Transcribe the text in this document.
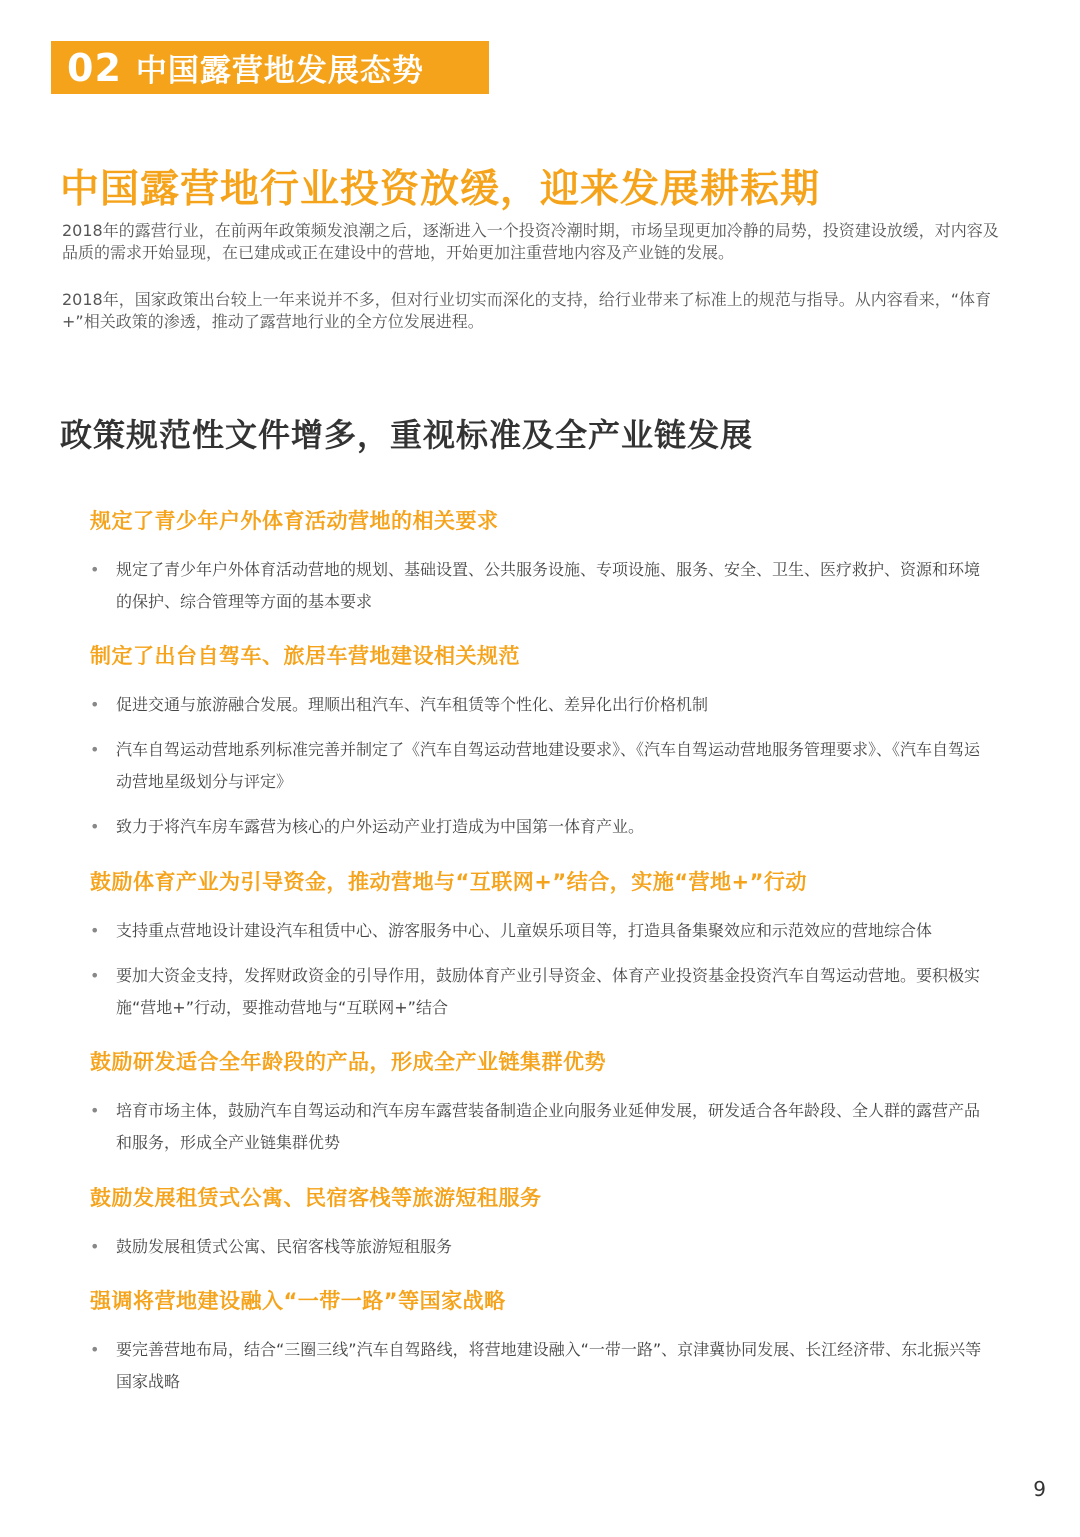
02 中国露营地发展态势
中国露营地行业投资放缓，迎来发展耕耘期

2018年的露营行业，在前两年政策频发浪潮之后，逐渐进入一个投资冷潮时期，市场呈现更加冷静的局势，投资建设放缓，对内容及品质的需求开始显现，在已建成或正在建设中的营地，开始更加注重营地内容及产业链的发展。

2018年，国家政策出台较上一年来说并不多，但对行业切实而深化的支持，给行业带来了标准上的规范与指导。从内容看来，“体育+”相关政策的渗透，推动了露营地行业的全方位发展进程。

政策规范性文件增多，重视标准及全产业链发展
规定了青少年户外体育活动营地的相关要求
• 规定了青少年户外体育活动营地的规划、基础设置、公共服务设施、专项设施、服务、安全、卫生、医疗救护、资源和环境的保护、综合管理等方面的基本要求
制定了出台自驾车、旅居车营地建设相关规范
• 促进交通与旅游融合发展。理顺出租汽车、汽车租赁等个性化、差异化出行价格机制
• 汽车自驾运动营地系列标准完善并制定了《汽车自驾运动营地建设要求》、《汽车自驾运动营地服务管理要求》、《汽车自驾运动营地星级划分与评定》
• 致力于将汽车房车露营为核心的户外运动产业打造成为中国第一体育产业。
鼓励体育产业为引导资金，推动营地与“互联网+”结合，实施“营地+”行动
• 支持重点营地设计建设汽车租赁中心、游客服务中心、儿童娱乐项目等，打造具备集聚效应和示范效应的营地综合体
• 要加大资金支持，发挥财政资金的引导作用，鼓励体育产业引导资金、体育产业投资基金投资汽车自驾运动营地。要积极实施“营地+”行动，要推动营地与“互联网+”结合
鼓励研发适合全年龄段的产品，形成全产业链集群优势
• 培育市场主体，鼓励汽车自驾运动和汽车房车露营装备制造企业向服务业延伸发展，研发适合各年龄段、全人群的露营产品和服务，形成全产业链集群优势
鼓励发展租赁式公寓、民宿客栈等旅游短租服务
• 鼓励发展租赁式公寓、民宿客栈等旅游短租服务
强调将营地建设融入“一带一路”等国家战略
• 要完善营地布局，结合“三圈三线”汽车自驾路线，将营地建设融入“一带一路”、京津冀协同发展、长江经济带、东北振兴等国家战略
9
